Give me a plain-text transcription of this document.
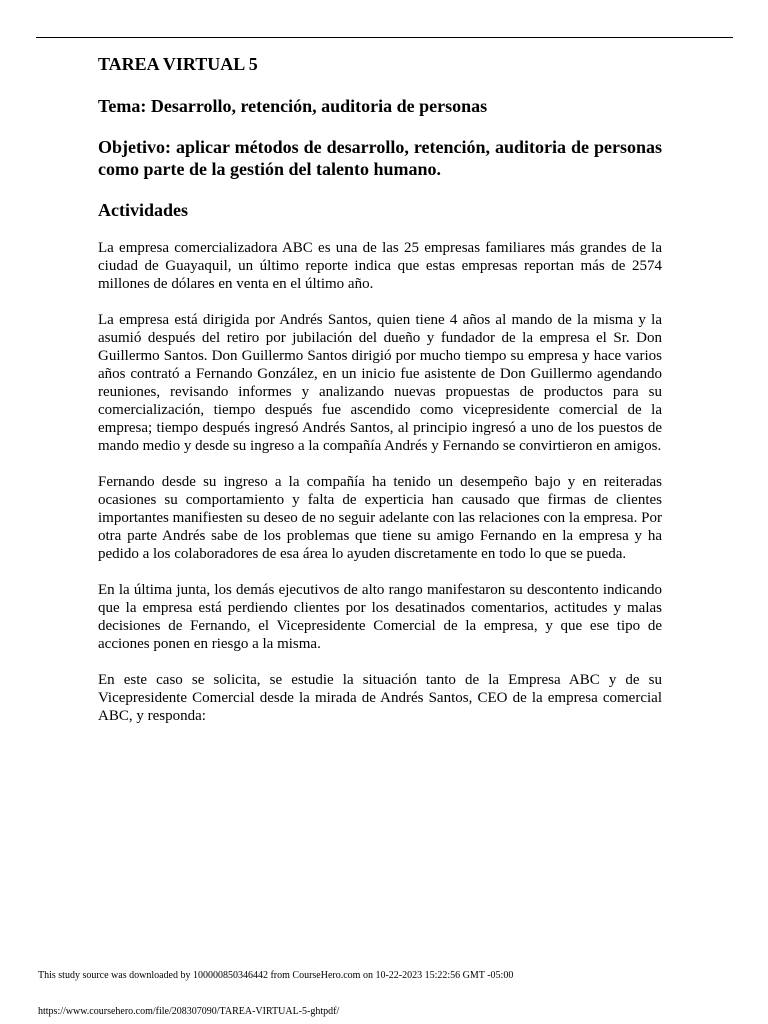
TAREA VIRTUAL 5
Tema: Desarrollo, retención, auditoria de personas
Objetivo: aplicar métodos de desarrollo, retención, auditoria de personas como parte de la gestión del talento humano.
Actividades

La empresa comercializadora ABC es una de las 25 empresas familiares más grandes de la ciudad de Guayaquil, un último reporte indica que estas empresas reportan más de 2574 millones de dólares en venta en el último año.

La empresa está dirigida por Andrés Santos, quien tiene 4 años al mando de la misma y la asumió después del retiro por jubilación del dueño y fundador de la empresa el Sr. Don Guillermo Santos. Don Guillermo Santos dirigió por mucho tiempo su empresa y hace varios años contrató a Fernando González, en un inicio fue asistente de Don Guillermo agendando reuniones, revisando informes y analizando nuevas propuestas de productos para su comercialización, tiempo después fue ascendido como vicepresidente comercial de la empresa; tiempo después ingresó Andrés Santos, al principio ingresó a uno de los puestos de mando medio y desde su ingreso a la compañía Andrés y Fernando se convirtieron en amigos.

Fernando desde su ingreso a la compañía ha tenido un desempeño bajo y en reiteradas ocasiones su comportamiento y falta de experticia han causado que firmas de clientes importantes manifiesten su deseo de no seguir adelante con las relaciones con la empresa. Por otra parte Andrés sabe de los problemas que tiene su amigo Fernando en la empresa y ha pedido a los colaboradores de esa área lo ayuden discretamente en todo lo que se pueda.

En la última junta, los demás ejecutivos de alto rango manifestaron su descontento indicando que la empresa está perdiendo clientes por los desatinados comentarios, actitudes y malas decisiones de Fernando, el Vicepresidente Comercial de la empresa, y que ese tipo de acciones ponen en riesgo a la misma.

En este caso se solicita, se estudie la situación tanto de la Empresa ABC y de su Vicepresidente Comercial desde la mirada de Andrés Santos, CEO de la empresa comercial ABC, y responda:

This study source was downloaded by 100000850346442 from CourseHero.com on 10-22-2023 15:22:56 GMT -05:00
https://www.coursehero.com/file/208307090/TAREA-VIRTUAL-5-ghtpdf/
